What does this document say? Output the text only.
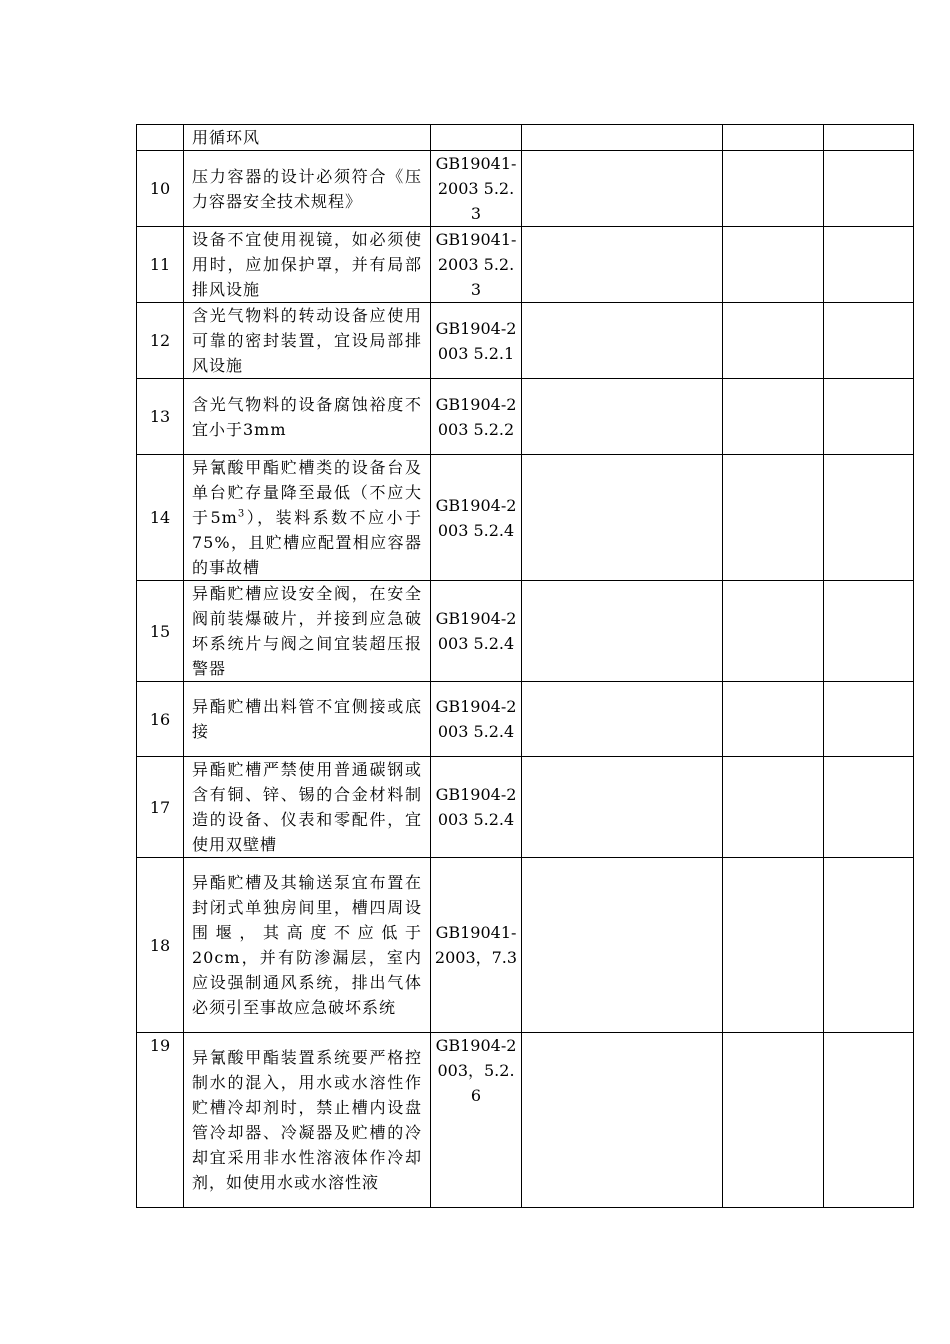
	用循环风				
10	压力容器的设计必须符合《压力容器安全技术规程》	GB19041-2003 5.2.3			
11	设备不宜使用视镜，如必须使用时，应加保护罩，并有局部排风设施	GB19041-2003 5.2.3			
12	含光气物料的转动设备应使用可靠的密封装置，宜设局部排风设施	GB1904-2003 5.2.1			
13	含光气物料的设备腐蚀裕度不宜小于3mm	GB1904-2003 5.2.2			
14	异氰酸甲酯贮槽类的设备台及单台贮存量降至最低（不应大于$5m^3$），装料系数不应小于75%，且贮槽应配置相应容器的事故槽	GB1904-2003 5.2.4			
15	异酯贮槽应设安全阀，在安全阀前装爆破片，并接到应急破坏系统片与阀之间宜装超压报警器	GB1904-2003 5.2.4			
16	异酯贮槽出料管不宜侧接或底接	GB1904-2003 5.2.4			
17	异酯贮槽严禁使用普通碳钢或含有铜、锌、锡的合金材料制造的设备、仪表和零配件，宜使用双壁槽	GB1904-2003 5.2.4			
18	异酯贮槽及其输送泵宜布置在封闭式单独房间里，槽四周设围堰，其高度不应低于20cm，并有防渗漏层，室内应设强制通风系统，排出气体必须引至事故应急破坏系统	GB19041-2003，7.3			
19	异氰酸甲酯装置系统要严格控制水的混入，用水或水溶性作贮槽冷却剂时，禁止槽内设盘管冷却器、冷凝器及贮槽的冷却宜采用非水性溶液体作冷却剂，如使用水或水溶性液	GB1904-2003，5.2.6			
